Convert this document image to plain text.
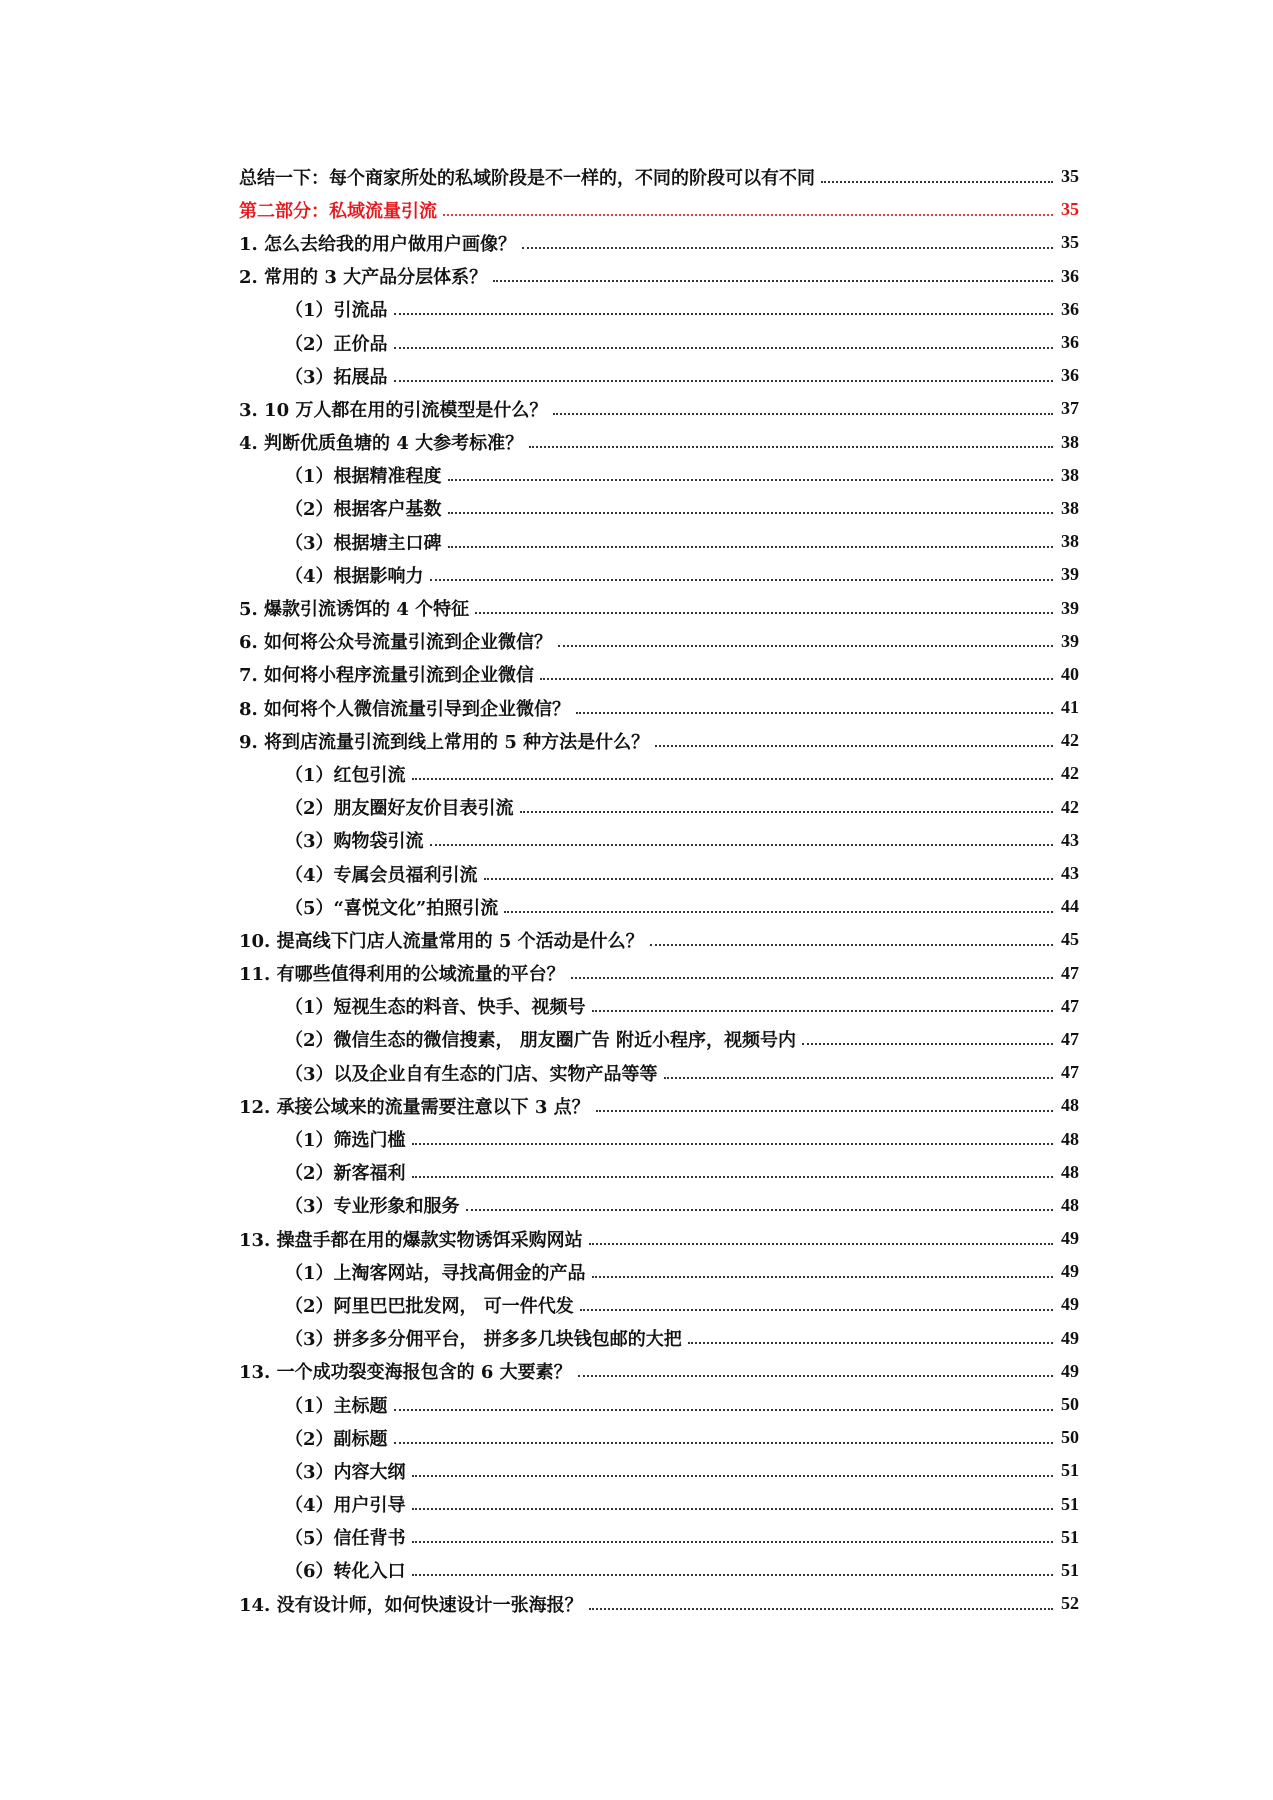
总结一下：每个商家所处的私域阶段是不一样的，不同的阶段可以有不同	35
第二部分：私域流量引流	35
1. 怎么去给我的用户做用户画像？	35
2. 常用的 3 大产品分层体系？	36
（1）引流品	36
（2）正价品	36
（3）拓展品	36
3. 10 万人都在用的引流模型是什么？	37
4. 判断优质鱼塘的 4 大参考标准？	38
（1）根据精准程度	38
（2）根据客户基数	38
（3）根据塘主口碑	38
（4）根据影响力	39
5. 爆款引流诱饵的 4 个特征	39
6. 如何将公众号流量引流到企业微信？	39
7. 如何将小程序流量引流到企业微信	40
8. 如何将个人微信流量引导到企业微信？	41
9. 将到店流量引流到线上常用的 5 种方法是什么？	42
（1）红包引流	42
（2）朋友圈好友价目表引流	42
（3）购物袋引流	43
（4）专属会员福利引流	43
（5）“喜悦文化”拍照引流	44
10. 提高线下门店人流量常用的 5 个活动是什么？	45
11. 有哪些值得利用的公域流量的平台？	47
（1）短视生态的料音、快手、视频号	47
（2）微信生态的微信搜素， 朋友圈广告 附近小程序，视频号内	47
（3）以及企业自有生态的门店、实物产品等等	47
12. 承接公域来的流量需要注意以下 3 点？	48
（1）筛选门槛	48
（2）新客福利	48
（3）专业形象和服务	48
13. 操盘手都在用的爆款实物诱饵采购网站	49
（1）上淘客网站，寻找高佣金的产品	49
（2）阿里巴巴批发网， 可一件代发	49
（3）拼多多分佣平台， 拼多多几块钱包邮的大把	49
13. 一个成功裂变海报包含的 6 大要素？	49
（1）主标题	50
（2）副标题	50
（3）内容大纲	51
（4）用户引导	51
（5）信任背书	51
（6）转化入口	51
14. 没有设计师，如何快速设计一张海报？	52
